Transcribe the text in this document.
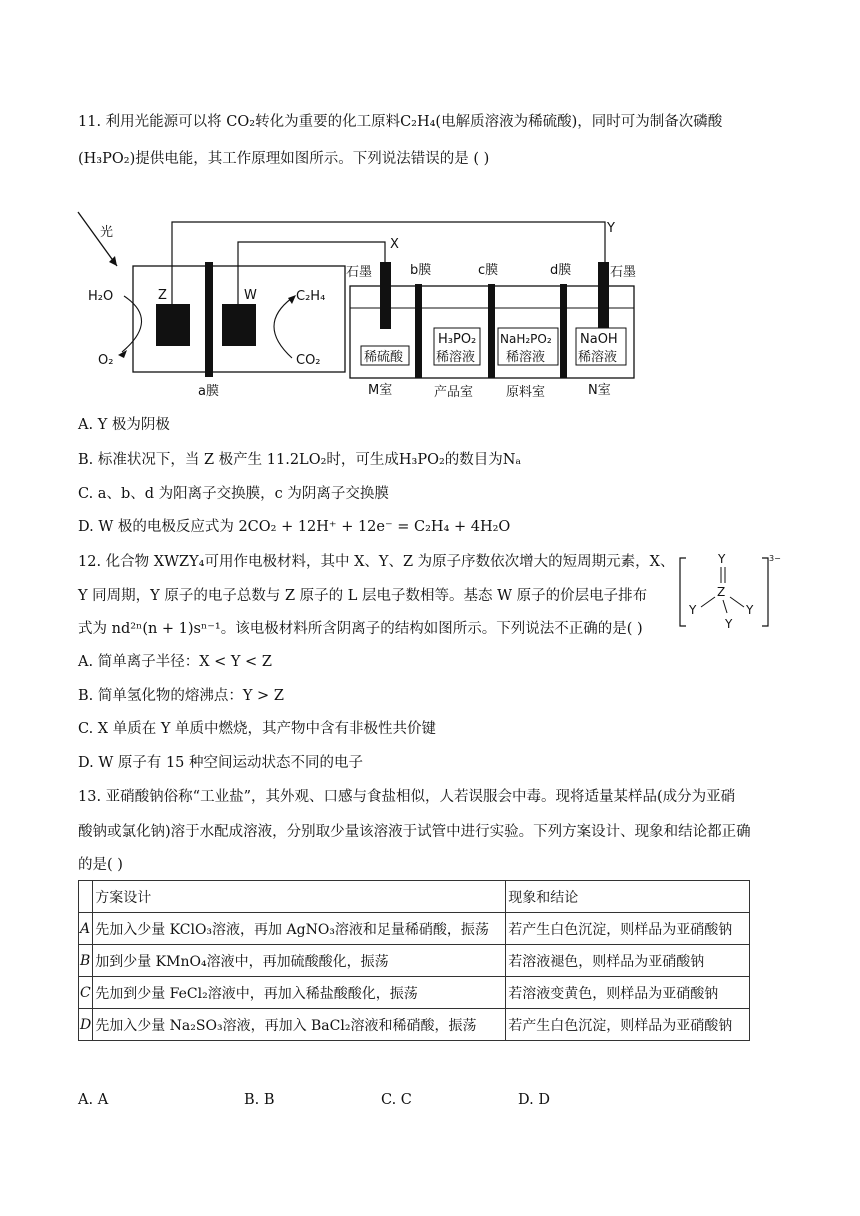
11. 利用光能源可以将 CO₂转化为重要的化工原料C₂H₄(电解质溶液为稀硫酸)，同时可为制备次磷酸
(H₃PO₂)提供电能，其工作原理如图所示。下列说法错误的是 ( )
光
Z	W
H₂O
O₂
C₂H₄
CO₂
a膜
X
Y
石墨	石墨
b膜	c膜	d膜
稀硫酸
H₃PO₂
稀溶液
NaH₂PO₂
稀溶液
NaOH
稀溶液
M室	产品室	原料室	N室
A. Y 极为阴极
B. 标准状况下，当 Z 极产生 11.2LO₂时，可生成H₃PO₂的数目为Nₐ
C. a、b、d 为阳离子交换膜，c 为阴离子交换膜
D. W 极的电极反应式为 2CO₂ + 12H⁺ + 12e⁻ = C₂H₄ + 4H₂O
12. 化合物 XWZY₄可用作电极材料，其中 X、Y、Z 为原子序数依次增大的短周期元素，X、
Y 同周期，Y 原子的电子总数与 Z 原子的 L 层电子数相等。基态 W 原子的价层电子排布
式为 nd²ⁿ(n + 1)sⁿ⁻¹。该电极材料所含阴离子的结构如图所示。下列说法不正确的是( )
Y
Z
Y	Y
Y
3−
A. 简单离子半径：X < Y < Z
B. 简单氢化物的熔沸点：Y > Z
C. X 单质在 Y 单质中燃烧，其产物中含有非极性共价键
D. W 原子有 15 种空间运动状态不同的电子
13. 亚硝酸钠俗称“工业盐”，其外观、口感与食盐相似，人若误服会中毒。现将适量某样品(成分为亚硝
酸钠或氯化钠)溶于水配成溶液，分别取少量该溶液于试管中进行实验。下列方案设计、现象和结论都正确
的是( )
	方案设计	现象和结论
A	先加入少量 KClO₃溶液，再加 AgNO₃溶液和足量稀硝酸，振荡	若产生白色沉淀，则样品为亚硝酸钠
B	加到少量 KMnO₄溶液中，再加硫酸酸化，振荡	若溶液褪色，则样品为亚硝酸钠
C	先加到少量 FeCl₂溶液中，再加入稀盐酸酸化，振荡	若溶液变黄色，则样品为亚硝酸钠
D	先加入少量 Na₂SO₃溶液，再加入 BaCl₂溶液和稀硝酸，振荡	若产生白色沉淀，则样品为亚硝酸钠
A. A	B. B	C. C	D. D
